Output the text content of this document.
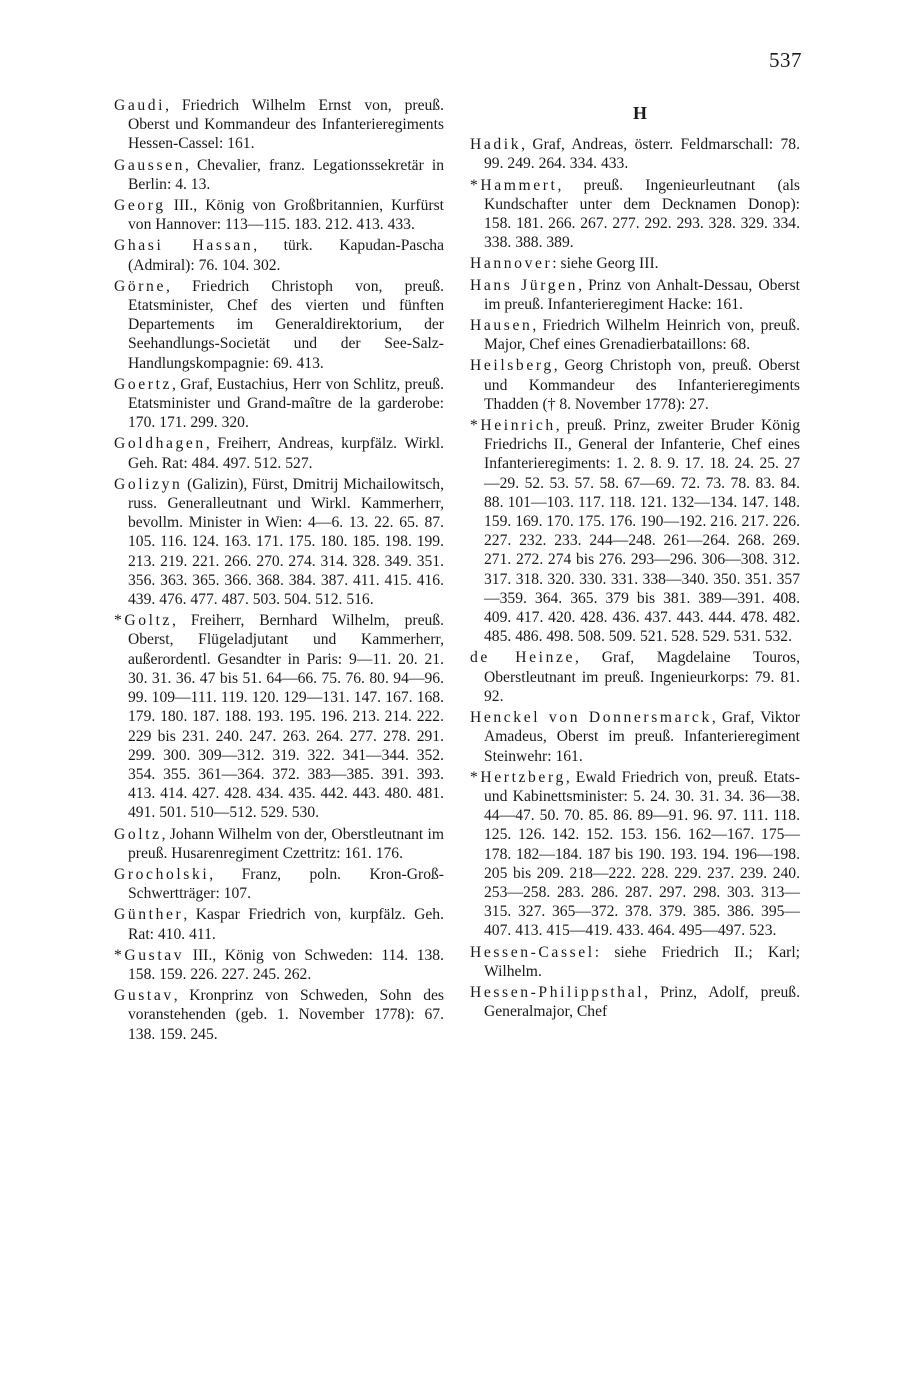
537
Gaudi, Friedrich Wilhelm Ernst von, preuß. Oberst und Kommandeur des Infanterieregiments Hessen-Cassel: 161.
Gaussen, Chevalier, franz. Legationssekretär in Berlin: 4. 13.
Georg III., König von Großbritannien, Kurfürst von Hannover: 113—115. 183. 212. 413. 433.
Ghasi Hassan, türk. Kapudan-Pascha (Admiral): 76. 104. 302.
Görne, Friedrich Christoph von, preuß. Etatsminister, Chef des vierten und fünften Departements im Generaldirektorium, der Seehandlungs-Societät und der See-Salz-Handlungskompagnie: 69. 413.
Goertz, Graf, Eustachius, Herr von Schlitz, preuß. Etatsminister und Grand-maître de la garderobe: 170. 171. 299. 320.
Goldhagen, Freiherr, Andreas, kurpfälz. Wirkl. Geh. Rat: 484. 497. 512. 527.
Golizyn (Galizin), Fürst, Dmitrij Michailowitsch, russ. Generalleutnant und Wirkl. Kammerherr, bevollm. Minister in Wien: 4—6. 13. 22. 65. 87. 105. 116. 124. 163. 171. 175. 180. 185. 198. 199. 213. 219. 221. 266. 270. 274. 314. 328. 349. 351. 356. 363. 365. 366. 368. 384. 387. 411. 415. 416. 439. 476. 477. 487. 503. 504. 512. 516.
*Goltz, Freiherr, Bernhard Wilhelm, preuß. Oberst, Flügeladjutant und Kammerherr, außerordentl. Gesandter in Paris: 9—11. 20. 21. 30. 31. 36. 47 bis 51. 64—66. 75. 76. 80. 94—96. 99. 109—111. 119. 120. 129—131. 147. 167. 168. 179. 180. 187. 188. 193. 195. 196. 213. 214. 222. 229 bis 231. 240. 247. 263. 264. 277. 278. 291. 299. 300. 309—312. 319. 322. 341—344. 352. 354. 355. 361—364. 372. 383—385. 391. 393. 413. 414. 427. 428. 434. 435. 442. 443. 480. 481. 491. 501. 510—512. 529. 530.
Goltz, Johann Wilhelm von der, Oberstleutnant im preuß. Husarenregiment Czettritz: 161. 176.
Grocholski, Franz, poln. Kron-Groß-Schwertträger: 107.
Günther, Kaspar Friedrich von, kurpfälz. Geh. Rat: 410. 411.
*Gustav III., König von Schweden: 114. 138. 158. 159. 226. 227. 245. 262.
Gustav, Kronprinz von Schweden, Sohn des voranstehenden (geb. 1. November 1778): 67. 138. 159. 245.
H
Hadik, Graf, Andreas, österr. Feldmarschall: 78. 99. 249. 264. 334. 433.
*Hammert, preuß. Ingenieurleutnant (als Kundschafter unter dem Decknamen Donop): 158. 181. 266. 267. 277. 292. 293. 328. 329. 334. 338. 388. 389.
Hannover: siehe Georg III.
Hans Jürgen, Prinz von Anhalt-Dessau, Oberst im preuß. Infanterieregiment Hacke: 161.
Hausen, Friedrich Wilhelm Heinrich von, preuß. Major, Chef eines Grenadierbataillons: 68.
Heilsberg, Georg Christoph von, preuß. Oberst und Kommandeur des Infanterieregiments Thadden († 8. November 1778): 27.
*Heinrich, preuß. Prinz, zweiter Bruder König Friedrichs II., General der Infanterie, Chef eines Infanterieregiments: 1. 2. 8. 9. 17. 18. 24. 25. 27—29. 52. 53. 57. 58. 67—69. 72. 73. 78. 83. 84. 88. 101—103. 117. 118. 121. 132—134. 147. 148. 159. 169. 170. 175. 176. 190—192. 216. 217. 226. 227. 232. 233. 244—248. 261—264. 268. 269. 271. 272. 274 bis 276. 293—296. 306—308. 312. 317. 318. 320. 330. 331. 338—340. 350. 351. 357—359. 364. 365. 379 bis 381. 389—391. 408. 409. 417. 420. 428. 436. 437. 443. 444. 478. 482. 485. 486. 498. 508. 509. 521. 528. 529. 531. 532.
de Heinze, Graf, Magdelaine Touros, Oberstleutnant im preuß. Ingenieurkorps: 79. 81. 92.
Henckel von Donnersmarck, Graf, Viktor Amadeus, Oberst im preuß. Infanterieregiment Steinwehr: 161.
*Hertzberg, Ewald Friedrich von, preuß. Etats- und Kabinettsminister: 5. 24. 30. 31. 34. 36—38. 44—47. 50. 70. 85. 86. 89—91. 96. 97. 111. 118. 125. 126. 142. 152. 153. 156. 162—167. 175—178. 182—184. 187 bis 190. 193. 194. 196—198. 205 bis 209. 218—222. 228. 229. 237. 239. 240. 253—258. 283. 286. 287. 297. 298. 303. 313—315. 327. 365—372. 378. 379. 385. 386. 395—407. 413. 415—419. 433. 464. 495—497. 523.
Hessen-Cassel: siehe Friedrich II.; Karl; Wilhelm.
Hessen-Philippsthal, Prinz, Adolf, preuß. Generalmajor, Chef
